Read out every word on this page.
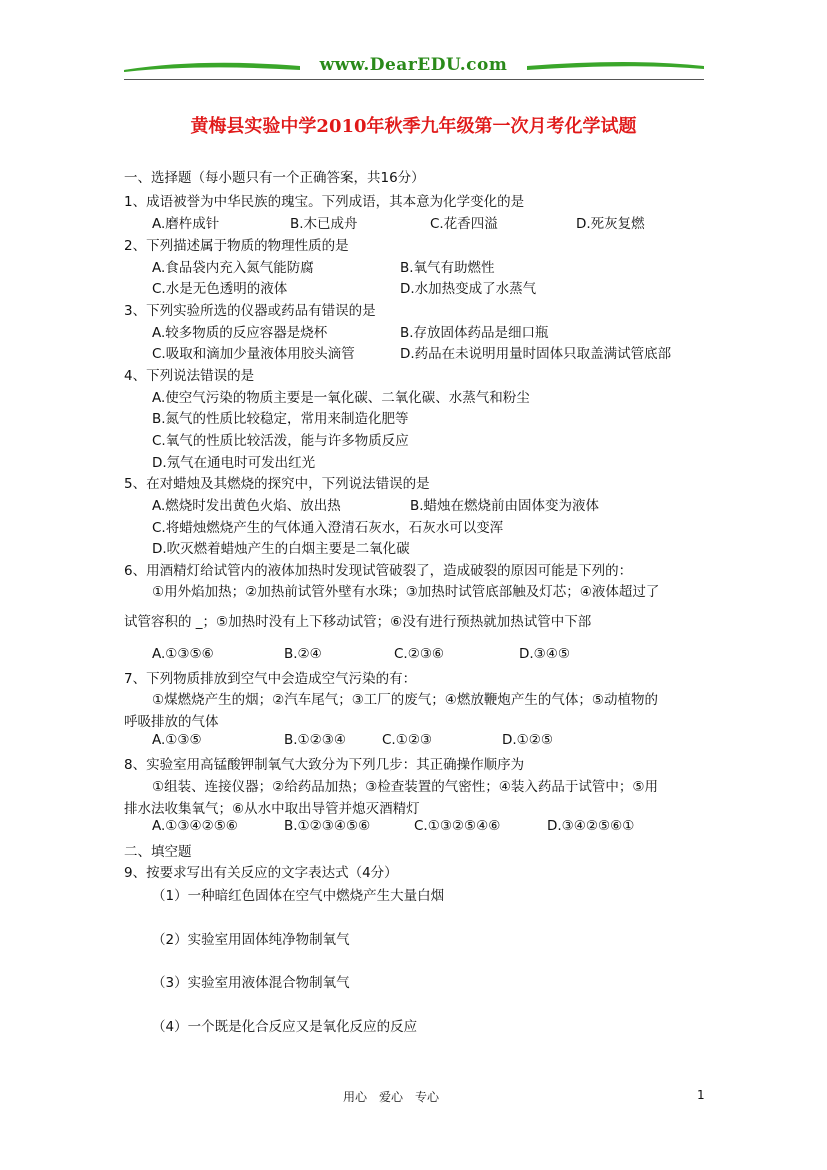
www.DearEDU.com
黄梅县实验中学2010年秋季九年级第一次月考化学试题
一、选择题（每小题只有一个正确答案，共16分）
1、成语被誉为中华民族的瑰宝。下列成语，其本意为化学变化的是
A.磨杵成针	B.木已成舟	C.花香四溢	D.死灰复燃
2、下列描述属于物质的物理性质的是
A.食品袋内充入氮气能防腐	B.氧气有助燃性
C.水是无色透明的液体	D.水加热变成了水蒸气
3、下列实验所选的仪器或药品有错误的是
A.较多物质的反应容器是烧杯	B.存放固体药品是细口瓶
C.吸取和滴加少量液体用胶头滴管	D.药品在未说明用量时固体只取盖满试管底部
4、下列说法错误的是
A.使空气污染的物质主要是一氧化碳、二氧化碳、水蒸气和粉尘
B.氮气的性质比较稳定，常用来制造化肥等
C.氧气的性质比较活泼，能与许多物质反应
D.氖气在通电时可发出红光
5、在对蜡烛及其燃烧的探究中，下列说法错误的是
A.燃烧时发出黄色火焰、放出热	B.蜡烛在燃烧前由固体变为液体
C.将蜡烛燃烧产生的气体通入澄清石灰水，石灰水可以变浑
D.吹灭燃着蜡烛产生的白烟主要是二氧化碳
6、用酒精灯给试管内的液体加热时发现试管破裂了，造成破裂的原因可能是下列的：
①用外焰加热；②加热前试管外壁有水珠；③加热时试管底部触及灯芯；④液体超过了
试管容积的 _；⑤加热时没有上下移动试管；⑥没有进行预热就加热试管中下部
A.①③⑤⑥	B.②④	C.②③⑥	D.③④⑤
7、下列物质排放到空气中会造成空气污染的有：
①煤燃烧产生的烟；②汽车尾气；③工厂的废气；④燃放鞭炮产生的气体；⑤动植物的
呼吸排放的气体
A.①③⑤	B.①②③④	C.①②③	D.①②⑤
8、实验室用高锰酸钾制氧气大致分为下列几步：其正确操作顺序为
①组装、连接仪器；②给药品加热；③检查装置的气密性；④装入药品于试管中；⑤用
排水法收集氧气；⑥从水中取出导管并熄灭酒精灯
A.①③④②⑤⑥	B.①②③④⑤⑥	C.①③②⑤④⑥	D.③④②⑤⑥①
二、填空题
9、按要求写出有关反应的文字表达式（4分）
（1）一种暗红色固体在空气中燃烧产生大量白烟
（2）实验室用固体纯净物制氧气
（3）实验室用液体混合物制氧气
（4）一个既是化合反应又是氧化反应的反应
用心　爱心　专心	1
